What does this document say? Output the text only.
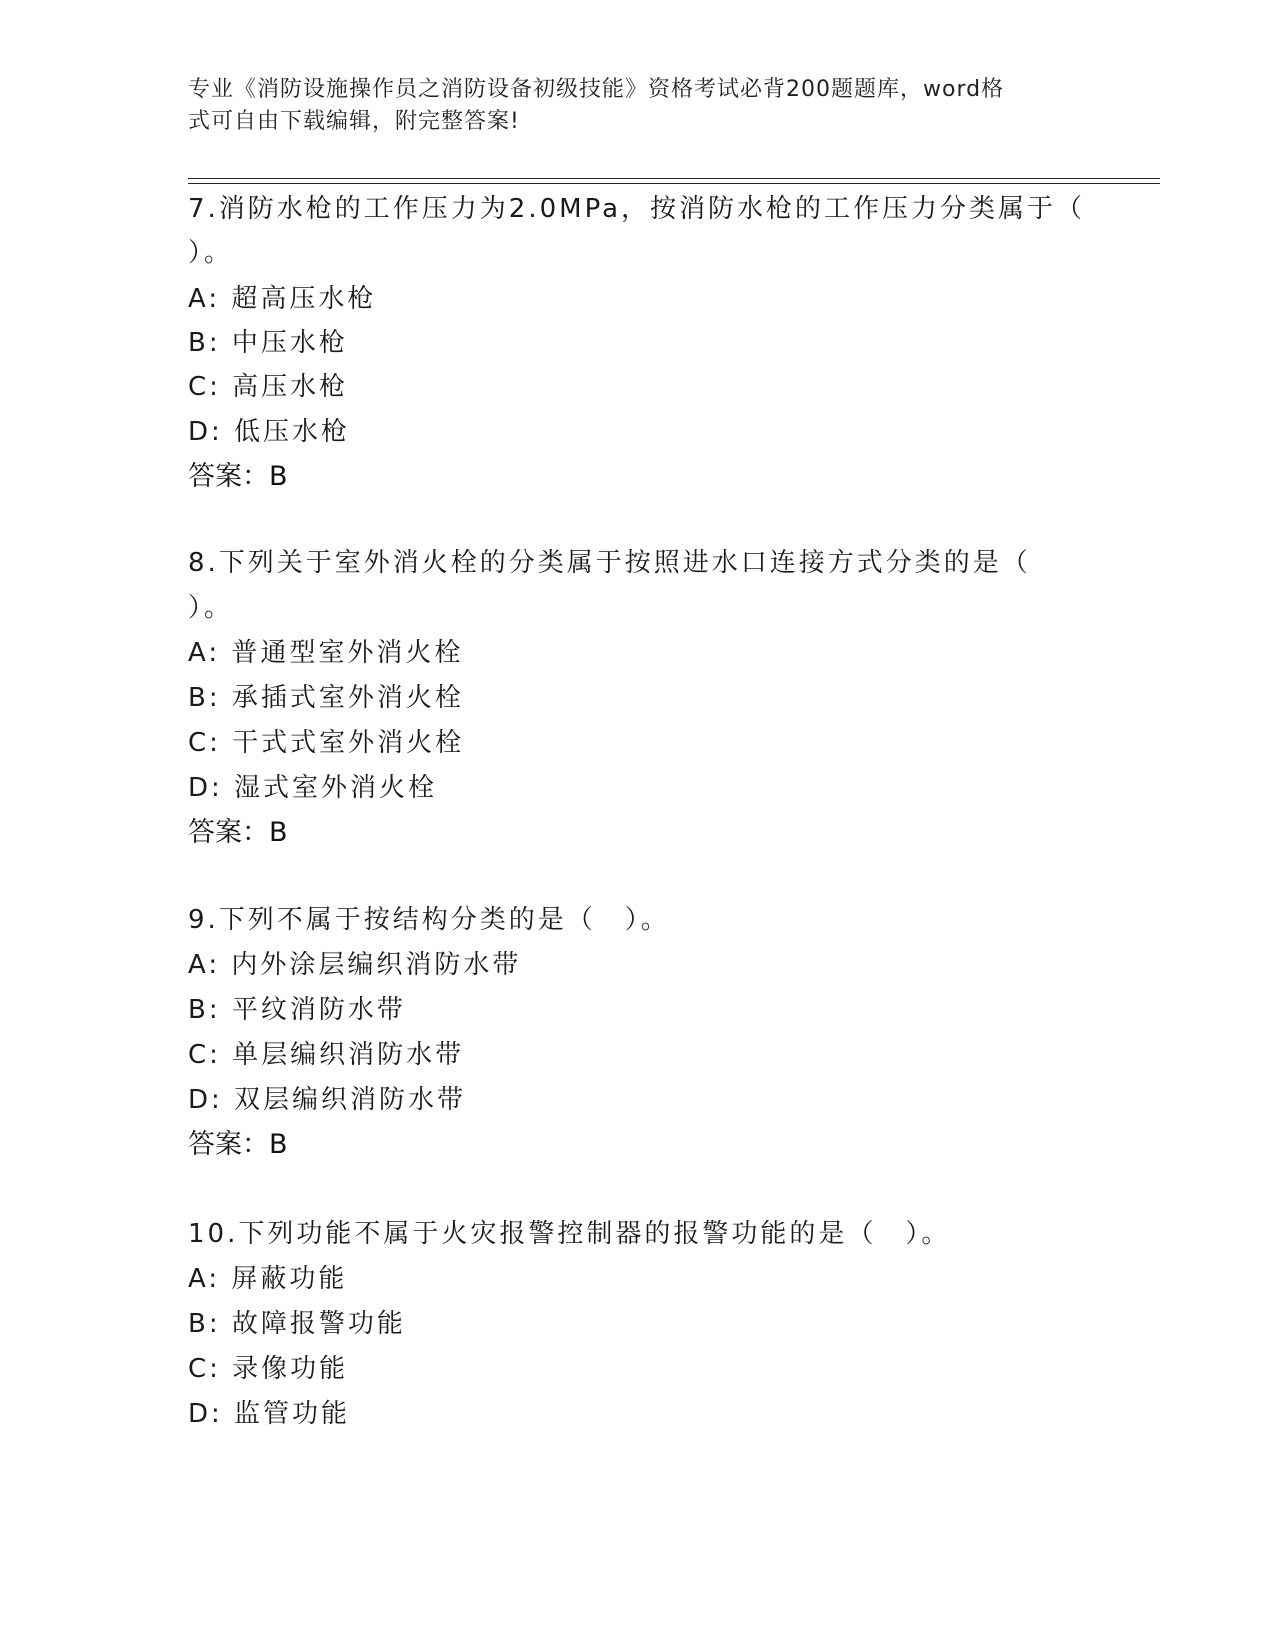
专业《消防设施操作员之消防设备初级技能》资格考试必背200题题库，word格
式可自由下载编辑，附完整答案!
7.消防水枪的工作压力为2.0MPa，按消防水枪的工作压力分类属于（
）。
A: 超高压水枪
B: 中压水枪
C: 高压水枪
D: 低压水枪
答案：B
8.下列关于室外消火栓的分类属于按照进水口连接方式分类的是（
）。
A: 普通型室外消火栓
B: 承插式室外消火栓
C: 干式式室外消火栓
D: 湿式室外消火栓
答案：B
9.下列不属于按结构分类的是（　）。
A: 内外涂层编织消防水带
B: 平纹消防水带
C: 单层编织消防水带
D: 双层编织消防水带
答案：B
10.下列功能不属于火灾报警控制器的报警功能的是（　）。
A: 屏蔽功能
B: 故障报警功能
C: 录像功能
D: 监管功能
